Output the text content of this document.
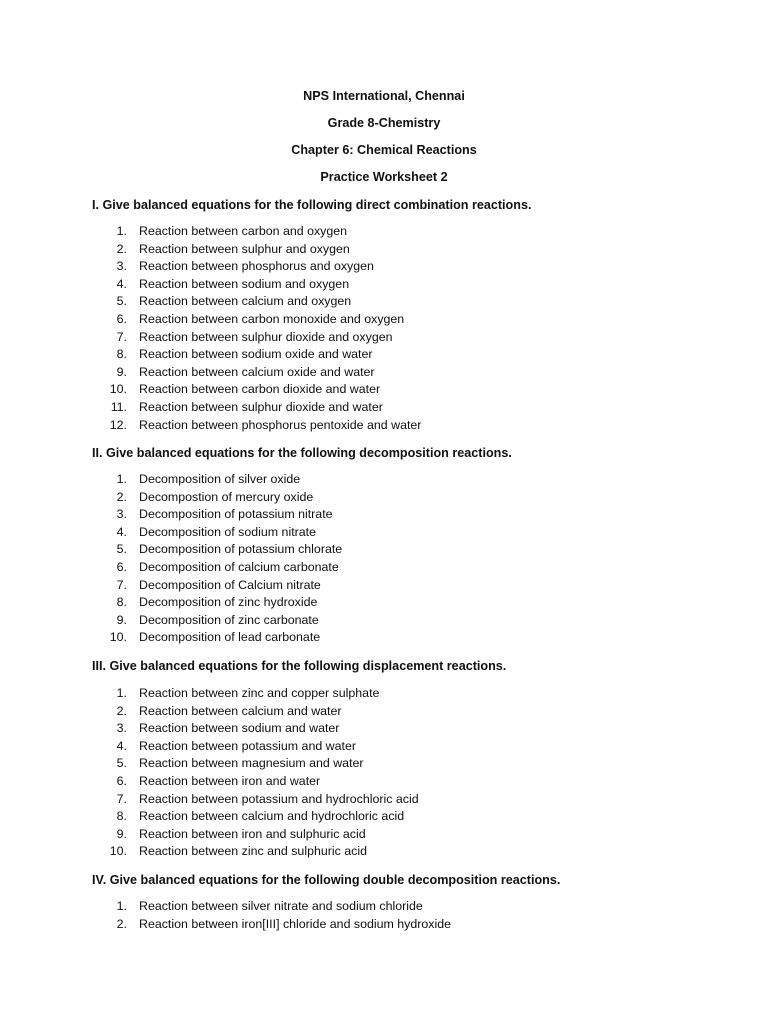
NPS International, Chennai
Grade 8-Chemistry
Chapter 6: Chemical Reactions
Practice Worksheet 2
I. Give balanced equations for the following direct combination reactions.
1. Reaction between carbon and oxygen
2. Reaction between sulphur and oxygen
3. Reaction between phosphorus and oxygen
4. Reaction between sodium and oxygen
5. Reaction between calcium and oxygen
6. Reaction between carbon monoxide and oxygen
7. Reaction between sulphur dioxide and oxygen
8. Reaction between sodium oxide and water
9. Reaction between calcium oxide and water
10. Reaction between carbon dioxide and water
11. Reaction between sulphur dioxide and water
12. Reaction between phosphorus pentoxide and water
II. Give balanced equations for the following decomposition reactions.
1. Decomposition of silver oxide
2. Decompostion of mercury oxide
3. Decomposition of potassium nitrate
4. Decomposition of sodium nitrate
5. Decomposition of potassium chlorate
6. Decomposition of calcium carbonate
7. Decomposition of Calcium nitrate
8. Decomposition of zinc hydroxide
9. Decomposition of zinc carbonate
10. Decomposition of lead carbonate
III. Give balanced equations for the following displacement reactions.
1. Reaction between zinc and copper sulphate
2. Reaction between calcium and water
3. Reaction between sodium and water
4. Reaction between potassium and water
5. Reaction between magnesium and water
6. Reaction between iron and water
7. Reaction between potassium and hydrochloric acid
8. Reaction between calcium and hydrochloric acid
9. Reaction between iron and sulphuric acid
10. Reaction between zinc and sulphuric acid
IV. Give balanced equations for the following double decomposition reactions.
1. Reaction between silver nitrate and sodium chloride
2. Reaction between iron[III] chloride and sodium hydroxide
